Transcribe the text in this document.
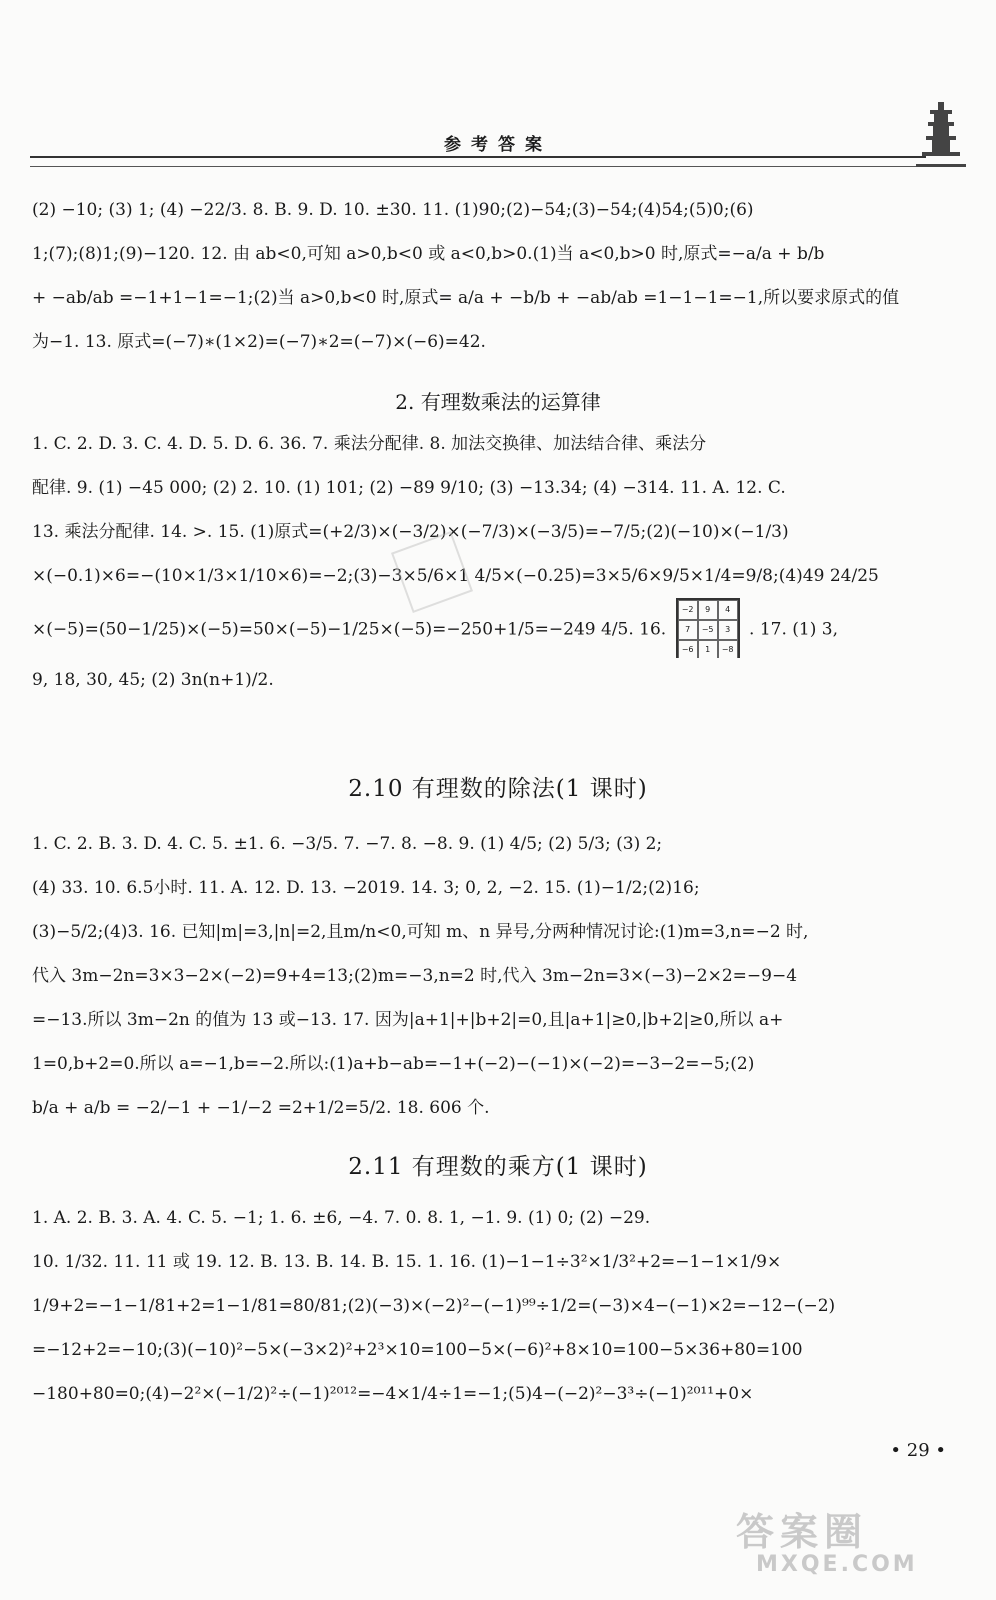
参考答案
(2) −10; (3) 1; (4) −22/3. 8. B. 9. D. 10. ±30. 11. (1)90;(2)−54;(3)−54;(4)54;(5)0;(6)
1;(7);(8)1;(9)−120. 12. 由 ab<0,可知 a>0,b<0 或 a<0,b>0.(1)当 a<0,b>0 时,原式=−a/a + b/b
+ −ab/ab =−1+1−1=−1;(2)当 a>0,b<0 时,原式= a/a + −b/b + −ab/ab =1−1−1=−1,所以要求原式的值
为−1. 13. 原式=(−7)∗(1×2)=(−7)∗2=(−7)×(−6)=42.
2. 有理数乘法的运算律
1. C. 2. D. 3. C. 4. D. 5. D. 6. 36. 7. 乘法分配律. 8. 加法交换律、加法结合律、乘法分
配律. 9. (1) −45 000; (2) 2. 10. (1) 101; (2) −89 9/10; (3) −13.34; (4) −314. 11. A. 12. C.
13. 乘法分配律. 14. >. 15. (1)原式=(+2/3)×(−3/2)×(−7/3)×(−3/5)=−7/5;(2)(−10)×(−1/3)
×(−0.1)×6=−(10×1/3×1/10×6)=−2;(3)−3×5/6×1 4/5×(−0.25)=3×5/6×9/5×1/4=9/8;(4)49 24/25
×(−5)=(50−1/25)×(−5)=50×(−5)−1/25×(−5)=−250+1/5=−249 4/5. 16.
−2	9	4
7	−5	3
−6	1	−8
. 17. (1) 3,
9, 18, 30, 45; (2) 3n(n+1)/2.
2.10 有理数的除法(1 课时)
1. C. 2. B. 3. D. 4. C. 5. ±1. 6. −3/5. 7. −7. 8. −8. 9. (1) 4/5; (2) 5/3; (3) 2;
(4) 33. 10. 6.5小时. 11. A. 12. D. 13. −2019. 14. 3; 0, 2, −2. 15. (1)−1/2;(2)16;
(3)−5/2;(4)3. 16. 已知|m|=3,|n|=2,且m/n<0,可知 m、n 异号,分两种情况讨论:(1)m=3,n=−2 时,
代入 3m−2n=3×3−2×(−2)=9+4=13;(2)m=−3,n=2 时,代入 3m−2n=3×(−3)−2×2=−9−4
=−13.所以 3m−2n 的值为 13 或−13. 17. 因为|a+1|+|b+2|=0,且|a+1|≥0,|b+2|≥0,所以 a+
1=0,b+2=0.所以 a=−1,b=−2.所以:(1)a+b−ab=−1+(−2)−(−1)×(−2)=−3−2=−5;(2)
b/a + a/b = −2/−1 + −1/−2 =2+1/2=5/2. 18. 606 个.
2.11 有理数的乘方(1 课时)
1. A. 2. B. 3. A. 4. C. 5. −1; 1. 6. ±6, −4. 7. 0. 8. 1, −1. 9. (1) 0; (2) −29.
10. 1/32. 11. 11 或 19. 12. B. 13. B. 14. B. 15. 1. 16. (1)−1−1÷3²×1/3²+2=−1−1×1/9×
1/9+2=−1−1/81+2=1−1/81=80/81;(2)(−3)×(−2)²−(−1)⁹⁹÷1/2=(−3)×4−(−1)×2=−12−(−2)
=−12+2=−10;(3)(−10)²−5×(−3×2)²+2³×10=100−5×(−6)²+8×10=100−5×36+80=100
−180+80=0;(4)−2²×(−1/2)²÷(−1)²⁰¹²=−4×1/4÷1=−1;(5)4−(−2)²−3³÷(−1)²⁰¹¹+0×
• 29 •
答案圈
MXQE.COM
